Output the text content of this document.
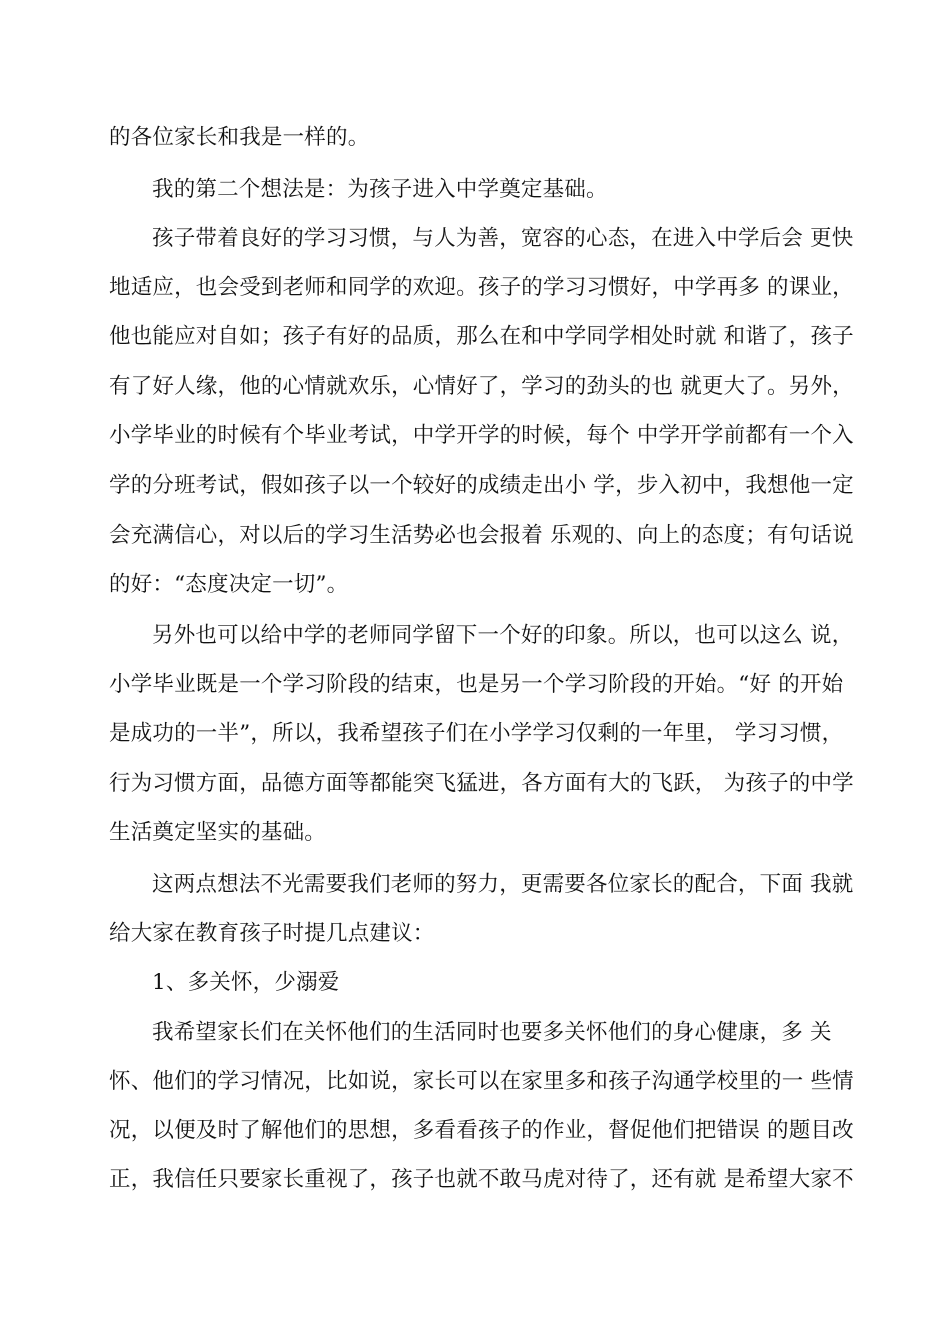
的各位家长和我是一样的。
我的第二个想法是：为孩子进入中学奠定基础。
孩子带着良好的学习习惯，与人为善，宽容的心态，在进入中学后会 更快
地适应，也会受到老师和同学的欢迎。孩子的学习习惯好，中学再多 的课业，
他也能应对自如；孩子有好的品质，那么在和中学同学相处时就 和谐了，孩子
有了好人缘，他的心情就欢乐，心情好了，学习的劲头的也 就更大了。另外，
小学毕业的时候有个毕业考试，中学开学的时候，每个 中学开学前都有一个入
学的分班考试，假如孩子以一个较好的成绩走出小 学，步入初中，我想他一定
会充满信心，对以后的学习生活势必也会报着 乐观的、向上的态度；有句话说
的好：“态度决定一切”。
另外也可以给中学的老师同学留下一个好的印象。所以，也可以这么 说，
小学毕业既是一个学习阶段的结束，也是另一个学习阶段的开始。“好 的开始
是成功的一半”，所以，我希望孩子们在小学学习仅剩的一年里， 学习习惯，
行为习惯方面，品德方面等都能突飞猛进，各方面有大的飞跃， 为孩子的中学
生活奠定坚实的基础。
这两点想法不光需要我们老师的努力，更需要各位家长的配合，下面 我就
给大家在教育孩子时提几点建议：
1、多关怀，少溺爱
我希望家长们在关怀他们的生活同时也要多关怀他们的身心健康，多 关
怀、他们的学习情况，比如说，家长可以在家里多和孩子沟通学校里的一 些情
况，以便及时了解他们的思想，多看看孩子的作业，督促他们把错误 的题目改
正，我信任只要家长重视了，孩子也就不敢马虎对待了，还有就 是希望大家不
